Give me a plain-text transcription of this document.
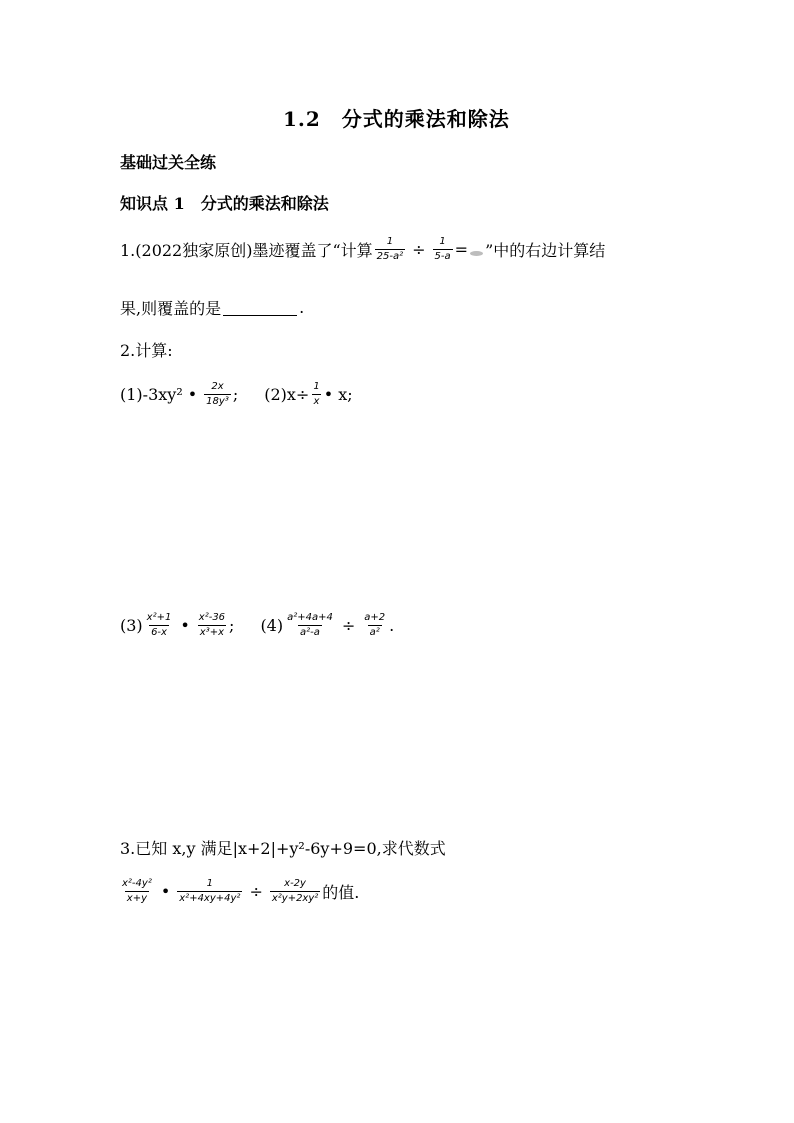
1.2　分式的乘法和除法
基础过关全练
知识点 1　分式的乘法和除法
1.(2022独家原创)墨迹覆盖了“计算 $\frac{1}{\text{25-a²}} \div \frac{1}{5-a}$ = ”中的右边计算结
果,则覆盖的是	.
2.计算:
(1)-3xy² • $\frac{2x}{\text{18y³}}$ ; $(2)x\div \frac{1}{x}$ • x;
$(3) \frac{\text{x²+1}}{6-x}$ • $\frac{\text{x²-36}}{\text{x³+x}}$ ; $(4) \frac{\text{a²+4a+4}}{\text{a²-a}} \div \frac{a+2}{\text{a²}}$ .
3.已知 x,y 满足|x+2|+y²-6y+9=0,求代数式
$\frac{\text{x²-4y²}}{x+y}$ • $\frac{1}{\text{x²+4xy+4y²}} \div \frac{x-2y}{\text{x²y+2xy²}}$ 的值.
